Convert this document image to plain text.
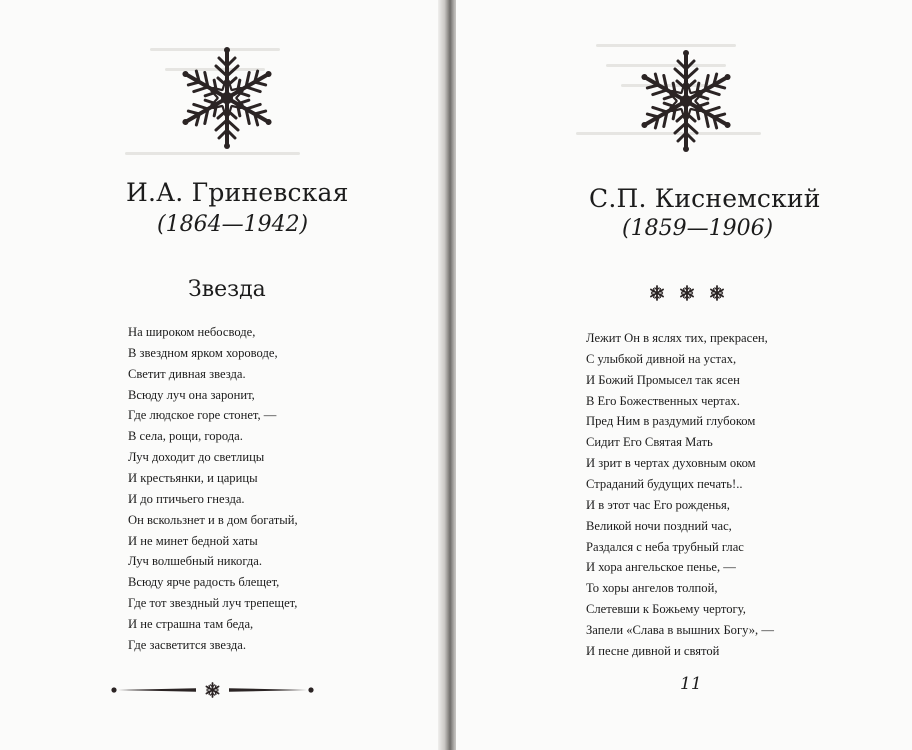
И.А. Гриневская
(1864—1942)
Звезда
На широком небосводе,
В звездном ярком хороводе,
Светит дивная звезда.
Всюду луч она заронит,
Где людское горе стонет, —
В села, рощи, города.
Луч доходит до светлицы
И крестьянки, и царицы
И до птичьего гнезда.
Он вскользнет и в дом богатый,
И не минет бедной хаты
Луч волшебный никогда.
Всюду ярче радость блещет,
Где тот звездный луч трепещет,
И не страшна там беда,
Где засветится звезда.
С.П. Киснемский
(1859—1906)
Лежит Он в яслях тих, прекрасен,
С улыбкой дивной на устах,
И Божий Промысел так ясен
В Его Божественных чертах.
Пред Ним в раздумий глубоком
Сидит Его Святая Мать
И зрит в чертах духовным оком
Страданий будущих печать!..
И в этот час Его рожденья,
Великой ночи поздний час,
Раздался с неба трубный глас
И хора ангельское пенье, —
То хоры ангелов толпой,
Слетевши к Божьему чертогу,
Запели «Слава в вышних Богу», —
И песне дивной и святой
11
